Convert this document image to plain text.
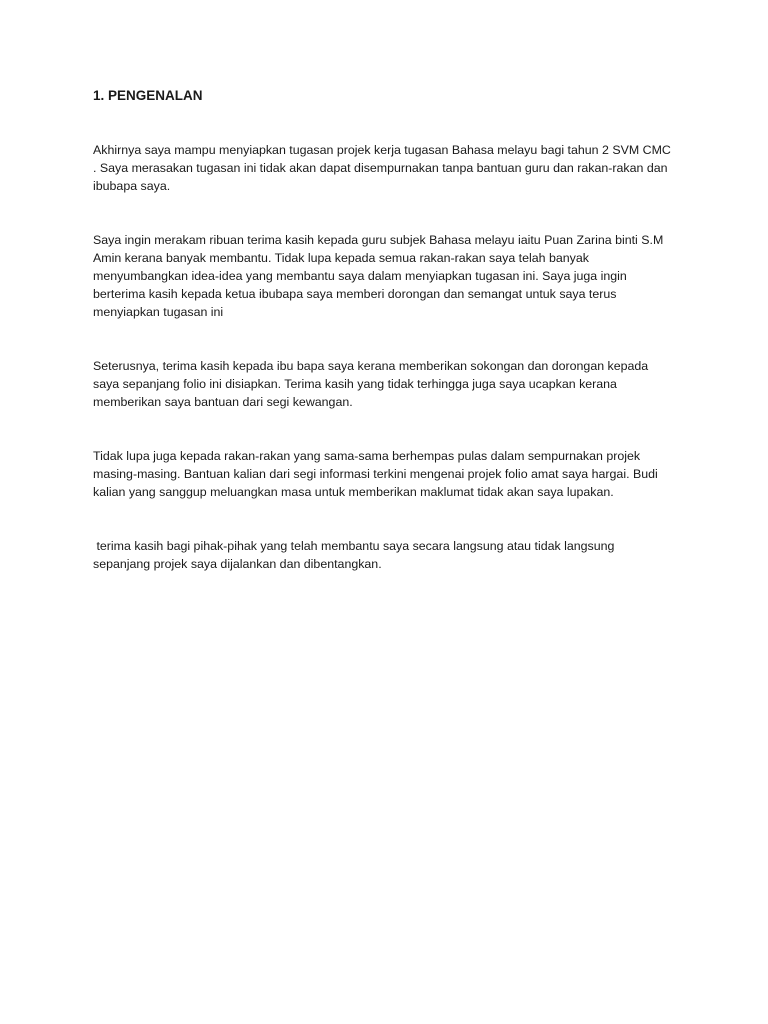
1. PENGENALAN

Akhirnya saya mampu menyiapkan tugasan projek kerja tugasan Bahasa melayu bagi tahun 2 SVM CMC . Saya merasakan tugasan ini tidak akan dapat disempurnakan tanpa bantuan guru dan rakan-rakan dan ibubapa saya.

Saya ingin merakam ribuan terima kasih kepada guru subjek Bahasa melayu iaitu Puan Zarina binti S.M Amin kerana banyak membantu. Tidak lupa kepada semua rakan-rakan saya telah banyak menyumbangkan idea-idea yang membantu saya dalam menyiapkan tugasan ini. Saya juga ingin berterima kasih kepada ketua ibubapa saya memberi dorongan dan semangat untuk saya terus menyiapkan tugasan ini

Seterusnya, terima kasih kepada ibu bapa saya kerana memberikan sokongan dan dorongan kepada saya sepanjang folio ini disiapkan. Terima kasih yang tidak terhingga juga saya ucapkan kerana memberikan saya bantuan dari segi kewangan.

Tidak lupa juga kepada rakan-rakan yang sama-sama berhempas pulas dalam sempurnakan projek masing-masing. Bantuan kalian dari segi informasi terkini mengenai projek folio amat saya hargai. Budi kalian yang sanggup meluangkan masa untuk memberikan maklumat tidak akan saya lupakan.

terima kasih bagi pihak-pihak yang telah membantu saya secara langsung atau tidak langsung sepanjang projek saya dijalankan dan dibentangkan.
